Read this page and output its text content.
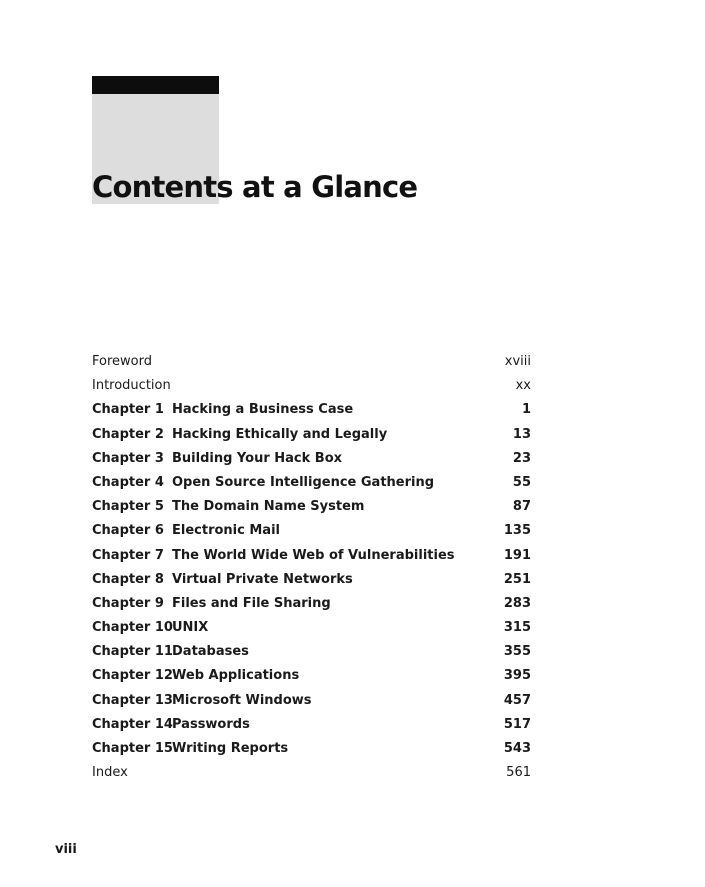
Contents at a Glance
Foreword	xviii
Introduction	xx
Chapter 1 Hacking a Business Case	1
Chapter 2 Hacking Ethically and Legally	13
Chapter 3 Building Your Hack Box	23
Chapter 4 Open Source Intelligence Gathering	55
Chapter 5 The Domain Name System	87
Chapter 6 Electronic Mail	135
Chapter 7 The World Wide Web of Vulnerabilities	191
Chapter 8 Virtual Private Networks	251
Chapter 9 Files and File Sharing	283
Chapter 10 UNIX	315
Chapter 11 Databases	355
Chapter 12 Web Applications	395
Chapter 13 Microsoft Windows	457
Chapter 14 Passwords	517
Chapter 15 Writing Reports	543
Index	561
viii
